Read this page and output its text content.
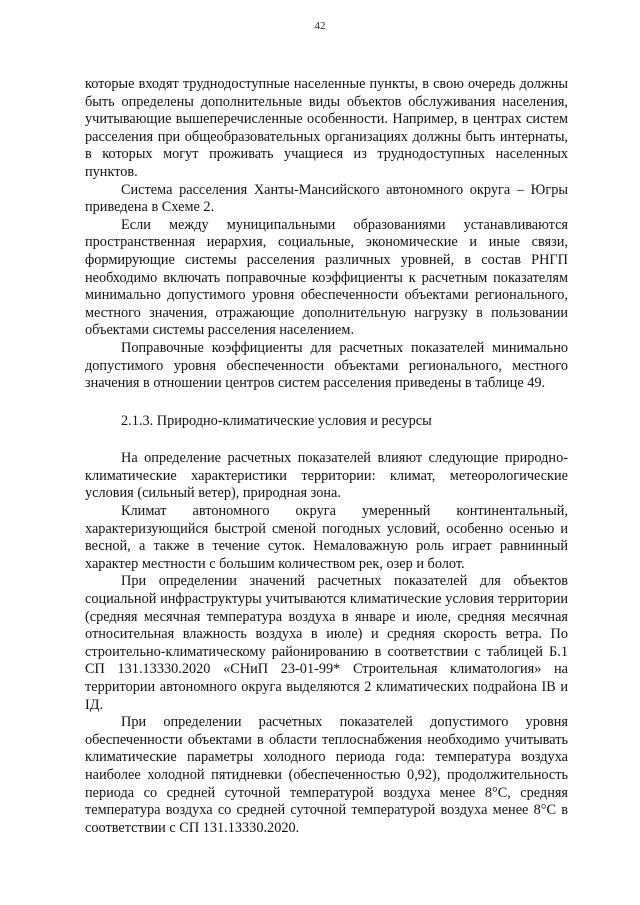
42

которые входят труднодоступные населенные пункты, в свою очередь должны быть определены дополнительные виды объектов обслуживания населения, учитывающие вышеперечисленные особенности. Например, в центрах систем расселения при общеобразовательных организациях должны быть интернаты, в которых могут проживать учащиеся из труднодоступных населенных пунктов.

Система расселения Ханты-Мансийского автономного округа – Югры приведена в Схеме 2.

Если между муниципальными образованиями устанавливаются пространственная иерархия, социальные, экономические и иные связи, формирующие системы расселения различных уровней, в состав РНГП необходимо включать поправочные коэффициенты к расчетным показателям минимально допустимого уровня обеспеченности объектами регионального, местного значения, отражающие дополнительную нагрузку в пользовании объектами системы расселения населением.

Поправочные коэффициенты для расчетных показателей минимально допустимого уровня обеспеченности объектами регионального, местного значения в отношении центров систем расселения приведены в таблице 49.

2.1.3. Природно-климатические условия и ресурсы

На определение расчетных показателей влияют следующие природно-климатические характеристики территории: климат, метеорологические условия (сильный ветер), природная зона.

Климат автономного округа умеренный континентальный, характеризующийся быстрой сменой погодных условий, особенно осенью и весной, а также в течение суток. Немаловажную роль играет равнинный характер местности с большим количеством рек, озер и болот.

При определении значений расчетных показателей для объектов социальной инфраструктуры учитываются климатические условия территории (средняя месячная температура воздуха в январе и июле, средняя месячная относительная влажность воздуха в июле) и средняя скорость ветра. По строительно-климатическому районированию в соответствии с таблицей Б.1 СП 131.13330.2020 «СНиП 23-01-99* Строительная климатология» на территории автономного округа выделяются 2 климатических подрайона IВ и IД.

При определении расчетных показателей допустимого уровня обеспеченности объектами в области теплоснабжения необходимо учитывать климатические параметры холодного периода года: температура воздуха наиболее холодной пятидневки (обеспеченностью 0,92), продолжительность периода со средней суточной температурой воздуха менее 8°С, средняя температура воздуха со средней суточной температурой воздуха менее 8°С в соответствии с СП 131.13330.2020.
